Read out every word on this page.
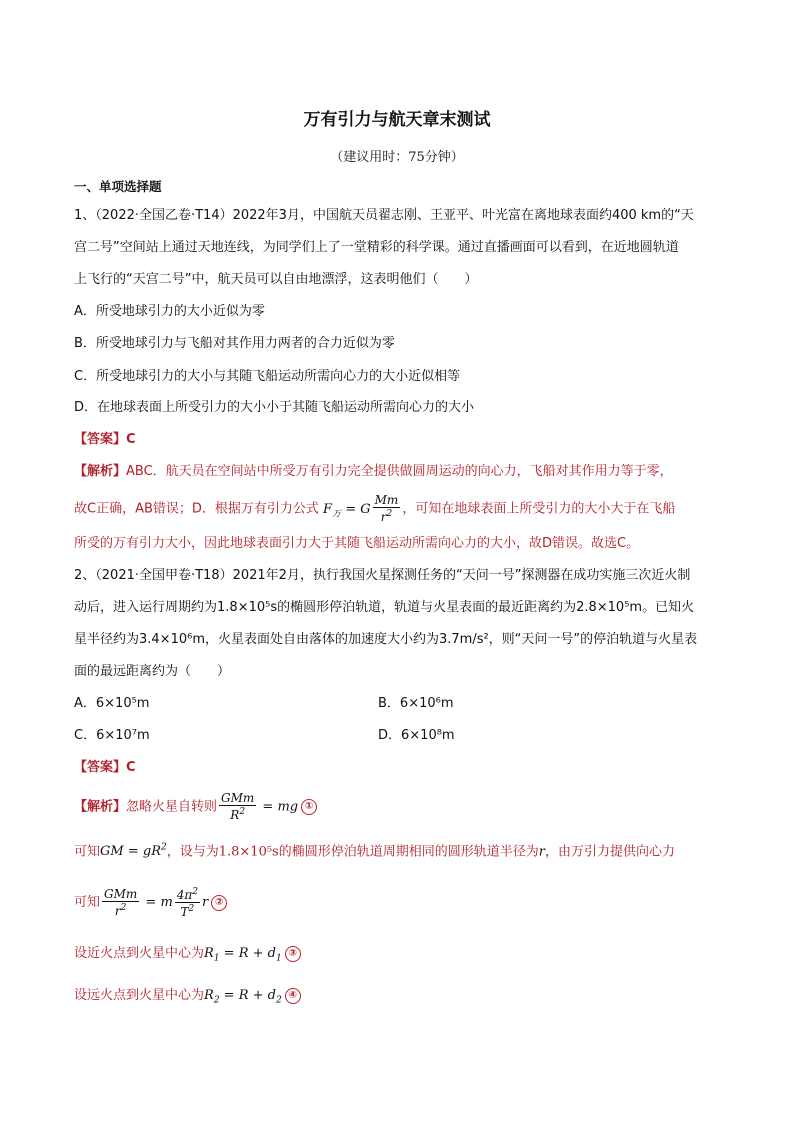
万有引力与航天章末测试
（建议用时：75分钟）
一、单项选择题
1、（2022·全国乙卷·T14）2022年3月，中国航天员翟志刚、王亚平、叶光富在离地球表面约400 km的“天
宫二号”空间站上通过天地连线，为同学们上了一堂精彩的科学课。通过直播画面可以看到，在近地圆轨道
上飞行的“天宫二号”中，航天员可以自由地漂浮，这表明他们（　　）
A．所受地球引力的大小近似为零
B．所受地球引力与飞船对其作用力两者的合力近似为零
C．所受地球引力的大小与其随飞船运动所需向心力的大小近似相等
D．在地球表面上所受引力的大小小于其随飞船运动所需向心力的大小
【答案】C
【解析】ABC．航天员在空间站中所受万有引力完全提供做圆周运动的向心力，飞船对其作用力等于零，
故C正确，AB错误；D．根据万有引力公式 $F_万 = G \frac{Mm}{r^2}$ ，可知在地球表面上所受引力的大小大于在飞船
所受的万有引力大小，因此地球表面引力大于其随飞船运动所需向心力的大小，故D错误。故选C。
2、（2021·全国甲卷·T18）2021年2月，执行我国火星探测任务的“天问一号”探测器在成功实施三次近火制
动后，进入运行周期约为1.8×10⁵s的椭圆形停泊轨道，轨道与火星表面的最近距离约为2.8×10⁵m。已知火
星半径约为3.4×10⁶m，火星表面处自由落体的加速度大小约为3.7m/s²，则“天问一号”的停泊轨道与火星表
面的最远距离约为（　　）
A．6×10⁵m	B．6×10⁶m
C．6×10⁷m	D．6×10⁸m
【答案】C
【解析】忽略火星自转则 $\frac{\text{GMm}}{R^2}$ = mg ①
可知GM = $gR^2$，设与为1.8×10⁵s的椭圆形停泊轨道周期相同的圆形轨道半径为r，由万引力提供向心力
可知 $\frac{\text{GMm}}{r^2} = m \frac{4\pi^2}{T^2}$ r ②
设近火点到火星中心为$R_1 = R$ + $d_1③$
设远火点到火星中心为$R_2 = R$ + $d_2④$
